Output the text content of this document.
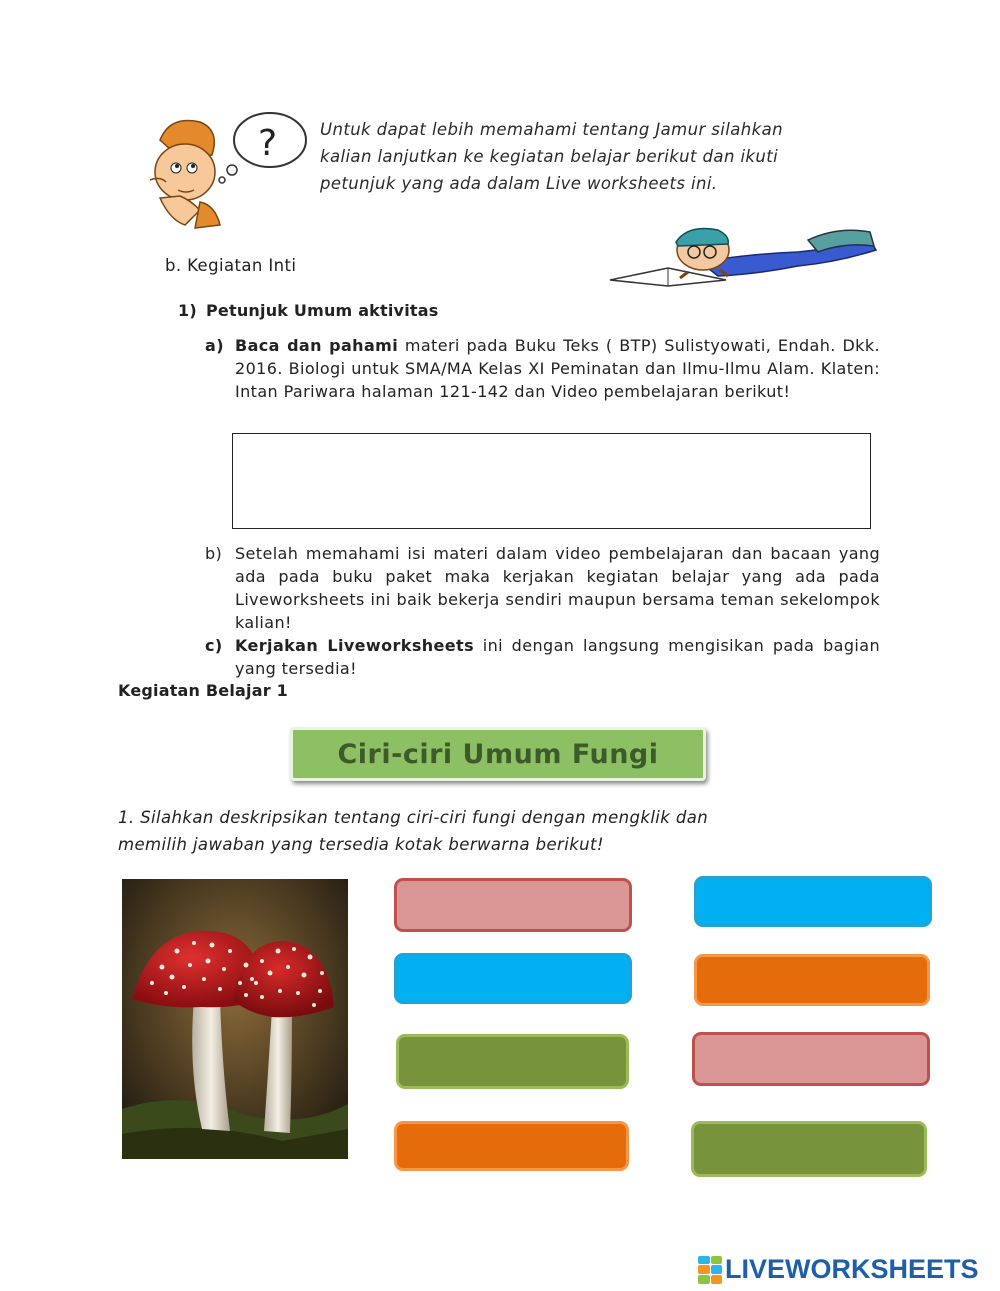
?	Untuk dapat lebih memahami tentang Jamur silahkan
kalian lanjutkan ke kegiatan belajar berikut dan ikuti
petunjuk yang ada dalam Live worksheets ini.
b. Kegiatan Inti
1) Petunjuk Umum aktivitas
a) Baca dan pahami materi pada Buku Teks ( BTP) Sulistyowati, Endah. Dkk. 2016. Biologi untuk SMA/MA Kelas XI Peminatan dan Ilmu-Ilmu Alam. Klaten: Intan Pariwara halaman 121-142 dan Video pembelajaran berikut!
b) Setelah memahami isi materi dalam video pembelajaran dan bacaan yang ada pada buku paket maka kerjakan kegiatan belajar yang ada pada Liveworksheets ini baik bekerja sendiri maupun bersama teman sekelompok kalian!
c) Kerjakan Liveworksheets ini dengan langsung mengisikan pada bagian yang tersedia!
Kegiatan Belajar 1
Ciri-ciri Umum Fungi
1. Silahkan deskripsikan tentang ciri-ciri fungi dengan mengklik dan
memilih jawaban yang tersedia kotak berwarna berikut!
LIVEWORKSHEETS
